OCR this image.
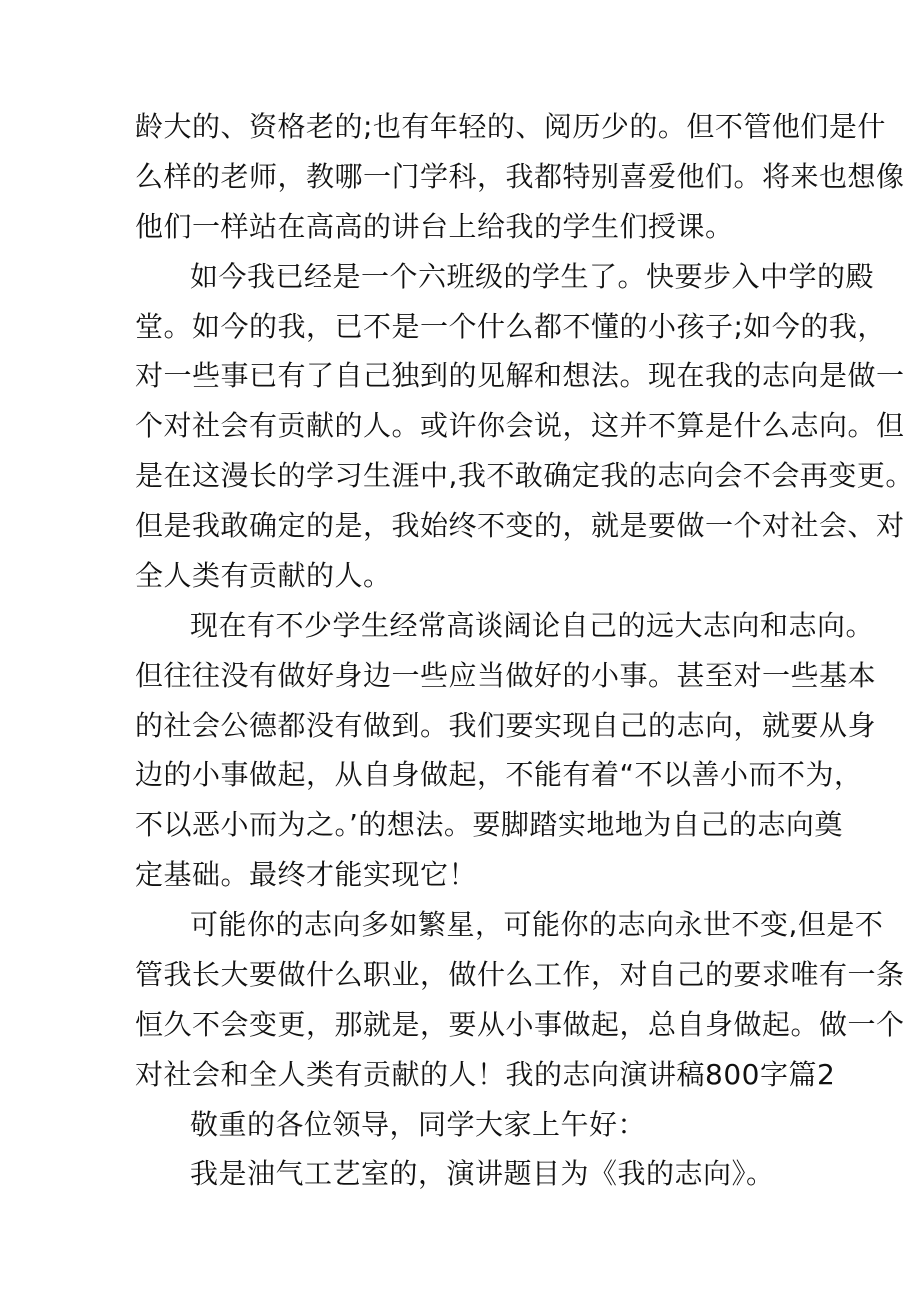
龄大的、资格老的;也有年轻的、阅历少的。但不管他们是什
么样的老师，教哪一门学科，我都特别喜爱他们。将来也想像
他们一样站在高高的讲台上给我的学生们授课。
如今我已经是一个六班级的学生了。快要步入中学的殿
堂。如今的我，已不是一个什么都不懂的小孩子;如今的我，
对一些事已有了自己独到的见解和想法。现在我的志向是做一
个对社会有贡献的人。或许你会说，这并不算是什么志向。但
是在这漫长的学习生涯中,我不敢确定我的志向会不会再变更。
但是我敢确定的是，我始终不变的，就是要做一个对社会、对
全人类有贡献的人。
现在有不少学生经常高谈阔论自己的远大志向和志向。
但往往没有做好身边一些应当做好的小事。甚至对一些基本
的社会公德都没有做到。我们要实现自己的志向，就要从身
边的小事做起，从自身做起，不能有着“不以善小而不为，
不以恶小而为之。’的想法。要脚踏实地地为自己的志向奠
定基础。最终才能实现它！
可能你的志向多如繁星，可能你的志向永世不变,但是不
管我长大要做什么职业，做什么工作，对自己的要求唯有一条
恒久不会变更，那就是，要从小事做起，总自身做起。做一个
对社会和全人类有贡献的人！我的志向演讲稿800字篇2
敬重的各位领导，同学大家上午好：
我是油气工艺室的，演讲题目为《我的志向》。
